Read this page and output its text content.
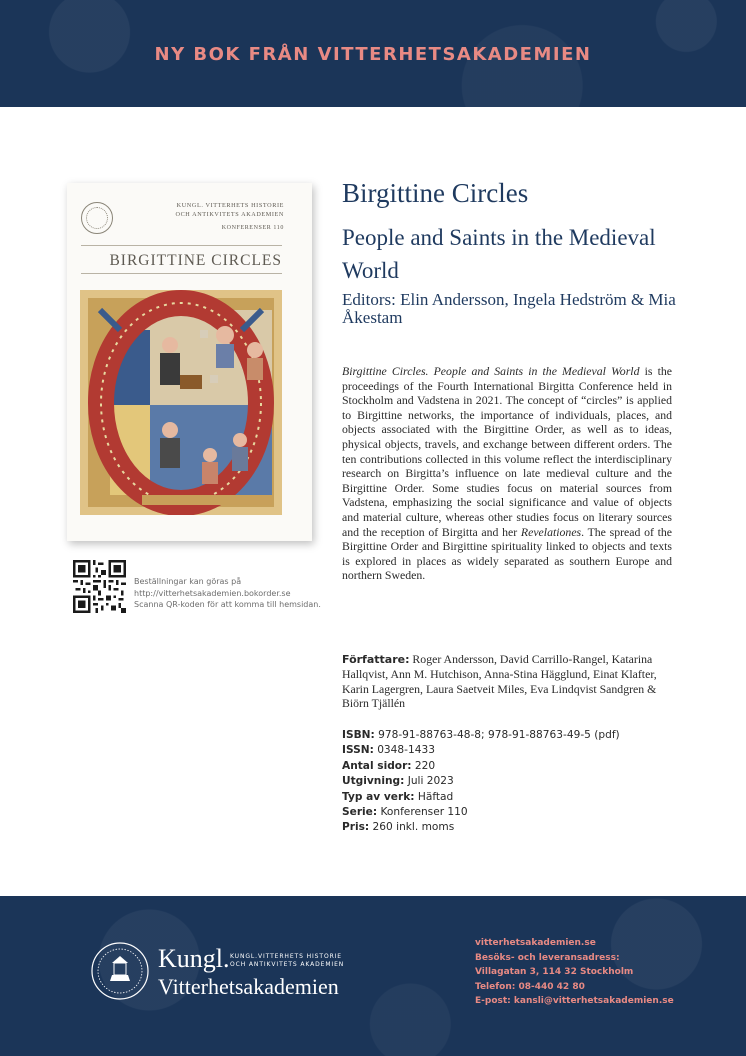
NY BOK FRÅN VITTERHETSAKADEMIEN
KUNGL. VITTERHETS HISTORIE
OCH ANTIKVITETS AKADEMIEN
KONFERENSER 110
BIRGITTINE CIRCLES
Birgittine Circles
People and Saints in the Medieval World
Editors: Elin Andersson, Ingela Hedström & Mia Åkestam
Birgittine Circles. People and Saints in the Medieval World is the proceedings of the Fourth International Birgitta Conference held in Stockholm and Vadstena in 2021. The concept of “circles” is applied to Birgittine networks, the importance of individuals, places, and objects associated with the Birgittine Order, as well as to ideas, physical objects, travels, and exchange between different orders. The ten contributions collected in this volume reflect the interdisciplinary research on Birgitta’s influence on late medieval culture and the Birgittine Order. Some studies focus on material sources from Vadstena, emphasizing the social significance and value of objects and material culture, whereas other studies focus on literary sources and the reception of Birgitta and her Revelationes. The spread of the Birgittine Order and Birgittine spirituality linked to objects and texts is explored in places as widely separated as southern Europe and northern Sweden.
Författare: Roger Andersson, David Carrillo-Rangel, Katarina Hallqvist, Ann M. Hutchison, Anna-Stina Hägglund, Einat Klafter, Karin Lagergren, Laura Saetveit Miles, Eva Lindqvist Sandgren & Biörn Tjällén
ISBN: 978-91-88763-48-8; 978-91-88763-49-5 (pdf)
ISSN: 0348-1433
Antal sidor: 220
Utgivning: Juli 2023
Typ av verk: Häftad
Serie: Konferenser 110
Pris: 260 inkl. moms
Beställningar kan göras på
http://vitterhetsakademien.bokorder.se
Scanna QR-koden för att komma till hemsidan.
Kungl. KUNGL.VITTERHETS HISTORIE
OCH ANTIKVITETS AKADEMIEN
Vitterhetsakademien
vitterhetsakademien.se
Besöks- och leveransadress:
Villagatan 3, 114 32 Stockholm
Telefon: 08-440 42 80
E-post: kansli@vitterhetsakademien.se
